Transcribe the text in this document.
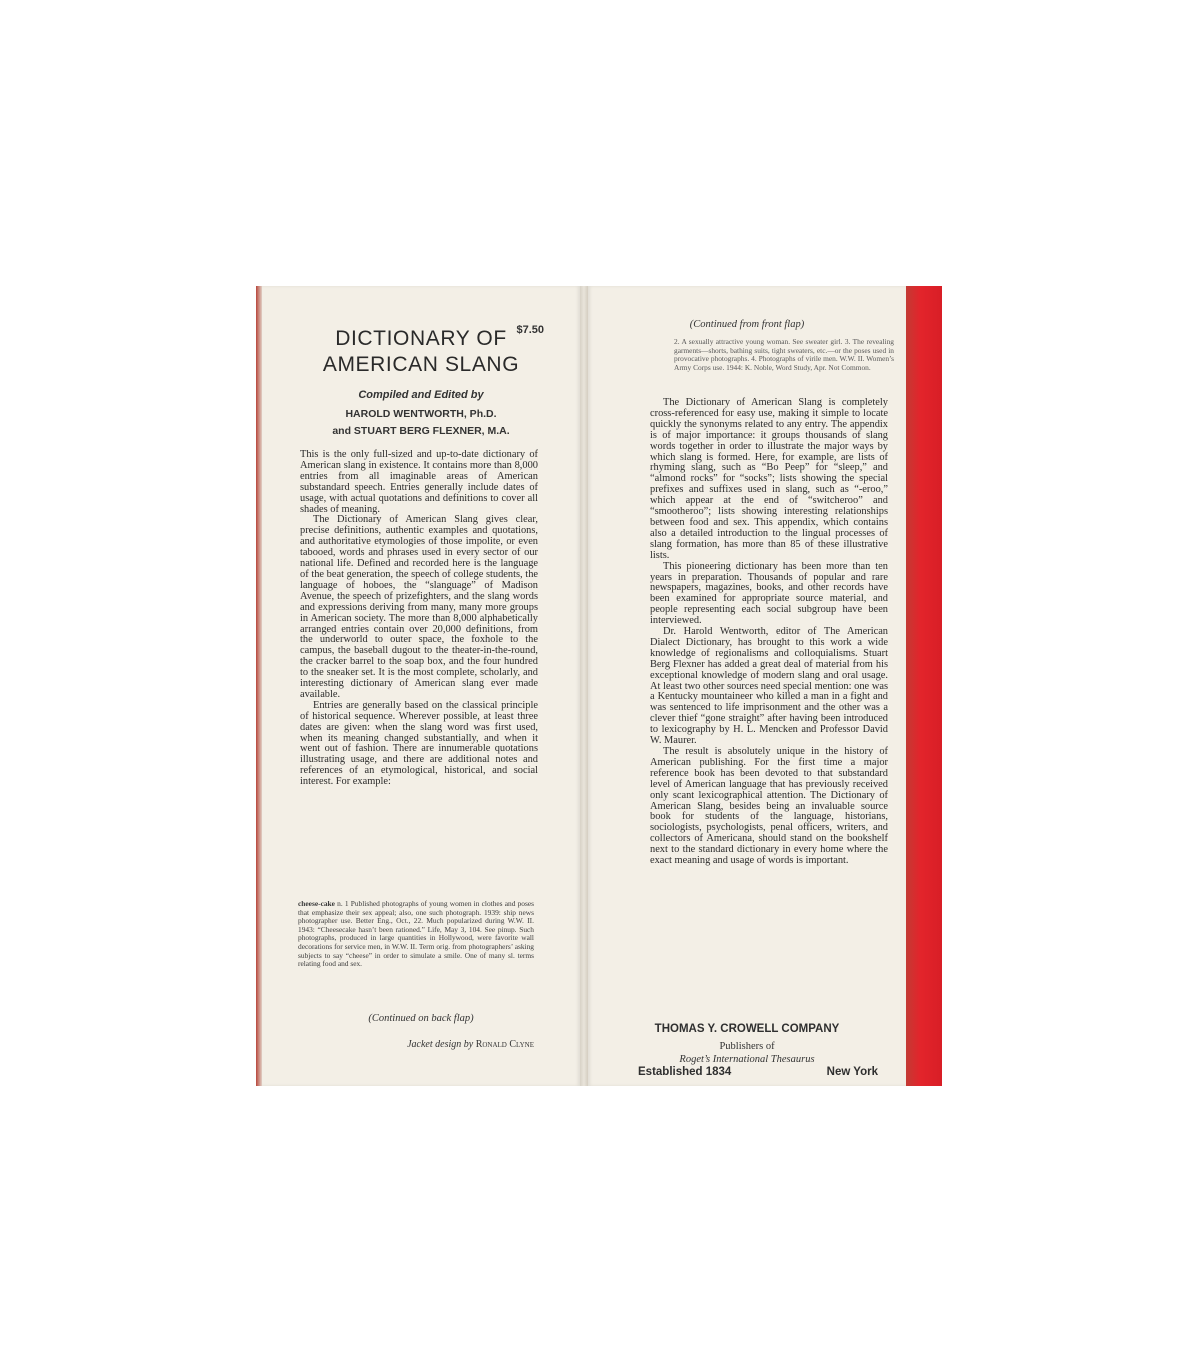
$7.50
DICTIONARY OF
AMERICAN SLANG
Compiled and Edited by
HAROLD WENTWORTH, Ph.D.
and STUART BERG FLEXNER, M.A.

This is the only full-sized and up-to-date dictionary of American slang in existence. It contains more than 8,000 entries from all imaginable areas of American substandard speech. Entries generally include dates of usage, with actual quotations and definitions to cover all shades of meaning.

The Dictionary of American Slang gives clear, precise definitions, authentic examples and quotations, and authoritative etymologies of those impolite, or even tabooed, words and phrases used in every sector of our national life. Defined and recorded here is the language of the beat generation, the speech of college students, the language of hoboes, the “slanguage” of Madison Avenue, the speech of prizefighters, and the slang words and expressions deriving from many, many more groups in American society. The more than 8,000 alphabetically arranged entries contain over 20,000 definitions, from the underworld to outer space, the foxhole to the campus, the baseball dugout to the theater-in-the-round, the cracker barrel to the soap box, and the four hundred to the sneaker set. It is the most complete, scholarly, and interesting dictionary of American slang ever made available.

Entries are generally based on the classical principle of historical sequence. Wherever possible, at least three dates are given: when the slang word was first used, when its meaning changed substantially, and when it went out of fashion. There are innumerable quotations illustrating usage, and there are additional notes and references of an etymological, historical, and social interest. For example:

cheese-cake n. 1 Published photographs of young women in clothes and poses that emphasize their sex appeal; also, one such photograph. 1939: ship news photographer use. Better Eng., Oct., 22. Much popularized during W.W. II. 1943: “Cheesecake hasn’t been rationed.” Life, May 3, 104. See pinup. Such photographs, produced in large quantities in Hollywood, were favorite wall decorations for service men, in W.W. II. Term orig. from photographers’ asking subjects to say “cheese” in order to simulate a smile. One of many sl. terms relating food and sex.
(Continued on back flap)
Jacket design by Ronald Clyne
(Continued from front flap)
2. A sexually attractive young woman. See sweater girl. 3. The revealing garments—shorts, bathing suits, tight sweaters, etc.—or the poses used in provocative photographs. 4. Photographs of virile men. W.W. II. Women’s Army Corps use. 1944: K. Noble, Word Study, Apr. Not Common.

The Dictionary of American Slang is completely cross-referenced for easy use, making it simple to locate quickly the synonyms related to any entry. The appendix is of major importance: it groups thousands of slang words together in order to illustrate the major ways by which slang is formed. Here, for example, are lists of rhyming slang, such as “Bo Peep” for “sleep,” and “almond rocks” for “socks”; lists showing the special prefixes and suffixes used in slang, such as “-eroo,” which appear at the end of “switcheroo” and “smootheroo”; lists showing interesting relationships between food and sex. This appendix, which contains also a detailed introduction to the lingual processes of slang formation, has more than 85 of these illustrative lists.

This pioneering dictionary has been more than ten years in preparation. Thousands of popular and rare newspapers, magazines, books, and other records have been examined for appropriate source material, and people representing each social subgroup have been interviewed.

Dr. Harold Wentworth, editor of The American Dialect Dictionary, has brought to this work a wide knowledge of regionalisms and colloquialisms. Stuart Berg Flexner has added a great deal of material from his exceptional knowledge of modern slang and oral usage. At least two other sources need special mention: one was a Kentucky mountaineer who killed a man in a fight and was sentenced to life imprisonment and the other was a clever thief “gone straight” after having been introduced to lexicography by H. L. Mencken and Professor David W. Maurer.

The result is absolutely unique in the history of American publishing. For the first time a major reference book has been devoted to that substandard level of American language that has previously received only scant lexicographical attention. The Dictionary of American Slang, besides being an invaluable source book for students of the language, historians, sociologists, psychologists, penal officers, writers, and collectors of Americana, should stand on the bookshelf next to the standard dictionary in every home where the exact meaning and usage of words is important.

THOMAS Y. CROWELL COMPANY
Publishers of
Roget’s International Thesaurus
Established 1834	New York
